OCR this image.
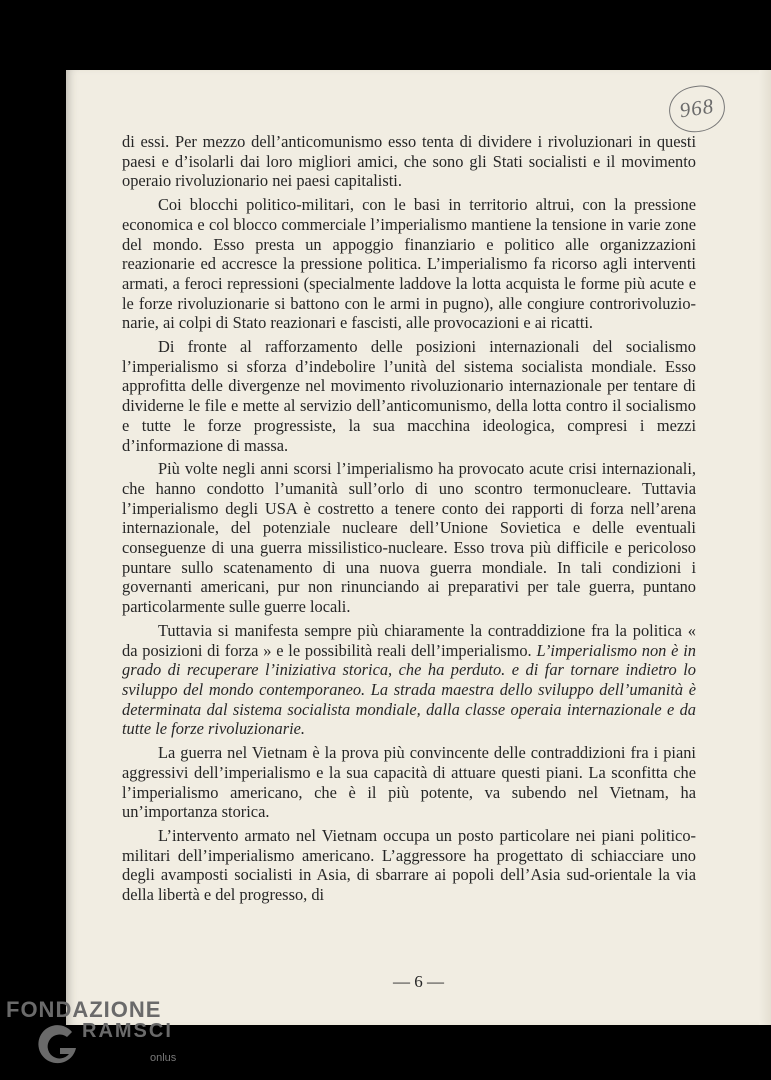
968

di essi. Per mezzo dell’anticomunismo esso tenta di dividere i rivoluzionari in questi paesi e d’isolarli dai loro migliori amici, che sono gli Stati socialisti e il movimento operaio rivoluzionario nei paesi capitalisti.

Coi blocchi politico-militari, con le basi in territorio altrui, con la pressione economica e col blocco commerciale l’imperialismo mantiene la tensione in varie zone del mondo. Esso presta un appoggio finanziario e politico alle organizzazioni reazionarie ed accresce la pressione politica. L’imperialismo fa ricorso agli interventi armati, a feroci repressioni (specialmente laddove la lotta acquista le forme più acute e le forze rivoluzionarie si battono con le armi in pugno), alle congiure controrivoluzionarie, ai colpi di Stato reazionari e fascisti, alle provocazioni e ai ricatti.

Di fronte al rafforzamento delle posizioni internazionali del socialismo l’imperialismo si sforza d’indebolire l’unità del sistema socialista mondiale. Esso approfitta delle divergenze nel movimento rivoluzionario internazionale per tentare di dividerne le file e mette al servizio dell’anticomunismo, della lotta contro il socialismo e tutte le forze progressiste, la sua macchina ideologica, compresi i mezzi d’informazione di massa.

Più volte negli anni scorsi l’imperialismo ha provocato acute crisi internazionali, che hanno condotto l’umanità sull’orlo di uno scontro termonucleare. Tuttavia l’imperialismo degli USA è costretto a tenere conto dei rapporti di forza nell’arena internazionale, del potenziale nucleare dell’Unione Sovietica e delle eventuali conseguenze di una guerra missilistico-nucleare. Esso trova più difficile e pericoloso puntare sullo scatenamento di una nuova guerra mondiale. In tali condizioni i governanti americani, pur non rinunciando ai preparativi per tale guerra, puntano particolarmente sulle guerre locali.

Tuttavia si manifesta sempre più chiaramente la contraddizione fra la politica « da posizioni di forza » e le possibilità reali dell’imperialismo. L’imperialismo non è in grado di recuperare l’iniziativa storica, che ha perduto. e di far tornare indietro lo sviluppo del mondo contemporaneo. La strada maestra dello sviluppo dell’umanità è determinata dal sistema socialista mondiale, dalla classe operaia internazionale e da tutte le forze rivoluzionarie.

La guerra nel Vietnam è la prova più convincente delle contraddizioni fra i piani aggressivi dell’imperialismo e la sua capacità di attuare questi piani. La sconfitta che l’imperialismo americano, che è il più potente, va subendo nel Vietnam, ha un’importanza storica.

L’intervento armato nel Vietnam occupa un posto particolare nei piani politico-militari dell’imperialismo americano. L’aggressore ha progettato di schiacciare uno degli avamposti socialisti in Asia, di sbarrare ai popoli dell’Asia sud-orientale la via della libertà e del progresso, di

— 6 —
FONDAZIONE
RAMSCI
onlus
